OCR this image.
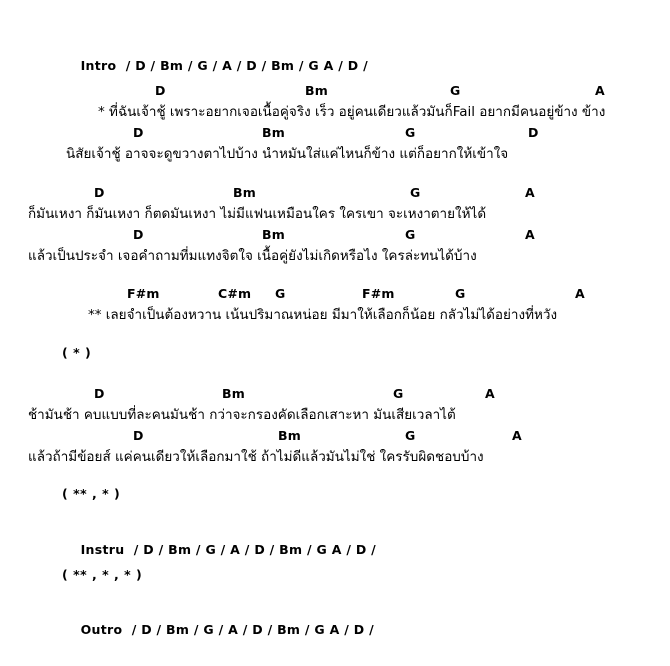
Intro / D / Bm / G / A / D / Bm / G A / D /

D	Bm	G	A
* ที่ฉันเจ้าชู้ เพราะอยากเจอเนื้อคู่จริง เร็ว อยู่คนเดียวแล้วมันก็Fail อยากมีคนอยู่ข้าง ข้าง
D	Bm	G	D
นิสัยเจ้าชู้ อาจจะดูขวางตาไปบ้าง นำหมันใส่แค่ไหนก็ข้าง แต่ก็อยากให้เข้าใจ
D	Bm	G	A
ก็มันเหงา ก็มันเหงา ก็ตดมันเหงา ไม่มีแฟนเหมือนใคร ใครเขา จะเหงาตายให้ได้
D	Bm	G	A
แล้วเป็นประจำ เจอคำถามที่มแทงจิตใจ เนื้อคู่ยังไม่เกิดหรือไง ใครล่ะทนได้บ้าง
F#m	C#m G	F#m	G	A
** เลยจำเป็นต้องหวาน เน้นปริมาณหน่อย มีมาให้เลือกก็น้อย กลัวไม่ได้อย่างที่หวัง
( * )
D	Bm	G	A
ช้ามันช้า คบแบบที่ละคนมันช้า กว่าจะกรองคัดเลือกเสาะหา มันเสียเวลาไต้
D	Bm	G	A
แล้วถ้ามีข้อยส์ แค่คนเดียวให้เลือกมาใช้ ถ้าไม่ดีแล้วมันไม่ใช่ ใครรับผิดชอบบ้าง
( ** , * )

Instru / D / Bm / G / A / D / Bm / G A / D /

( ** , * , * )

Outro / D / Bm / G / A / D / Bm / G A / D /
